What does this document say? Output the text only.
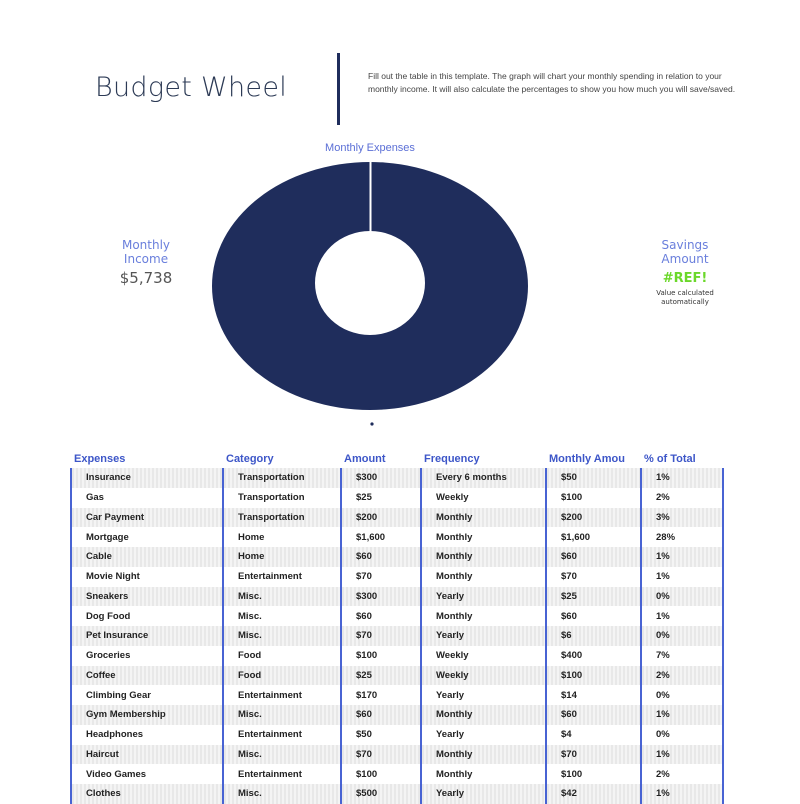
Budget Wheel	Fill out the table in this template. The graph will chart your monthly spending in relation to your monthly income. It will also calculate the percentages to show you how much you will save/saved.
Monthly Expenses
Monthly
Income
$5,738
Savings
Amount
#REF!
Value calculated
automatically
Expenses	Category	Amount	Frequency	Monthly Amou	% of Total
Insurance	Transportation	$300	Every 6 months	$50	1%
Gas	Transportation	$25	Weekly	$100	2%
Car Payment	Transportation	$200	Monthly	$200	3%
Mortgage	Home	$1,600	Monthly	$1,600	28%
Cable	Home	$60	Monthly	$60	1%
Movie Night	Entertainment	$70	Monthly	$70	1%
Sneakers	Misc.	$300	Yearly	$25	0%
Dog Food	Misc.	$60	Monthly	$60	1%
Pet Insurance	Misc.	$70	Yearly	$6	0%
Groceries	Food	$100	Weekly	$400	7%
Coffee	Food	$25	Weekly	$100	2%
Climbing Gear	Entertainment	$170	Yearly	$14	0%
Gym Membership	Misc.	$60	Monthly	$60	1%
Headphones	Entertainment	$50	Yearly	$4	0%
Haircut	Misc.	$70	Monthly	$70	1%
Video Games	Entertainment	$100	Monthly	$100	2%
Clothes	Misc.	$500	Yearly	$42	1%
